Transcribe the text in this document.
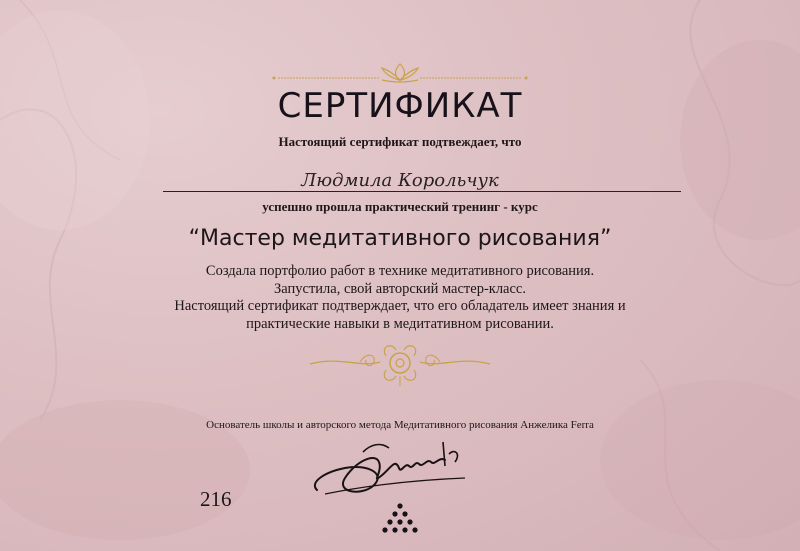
СЕРТИФИКАТ
Настоящий сертификат подтвеждает, что
Людмила Корольчук
успешно прошла практический тренинг - курс
“Мастер медитативного рисования”
Создала портфолио работ в технике медитативного рисования.
Запустила, свой авторский мастер-класс.
Настоящий сертификат подтверждает, что его обладатель имеет знания и
практические навыки в медитативном рисовании.
Основатель школы и авторского метода Медитативного рисования Анжелика Ferra
216
